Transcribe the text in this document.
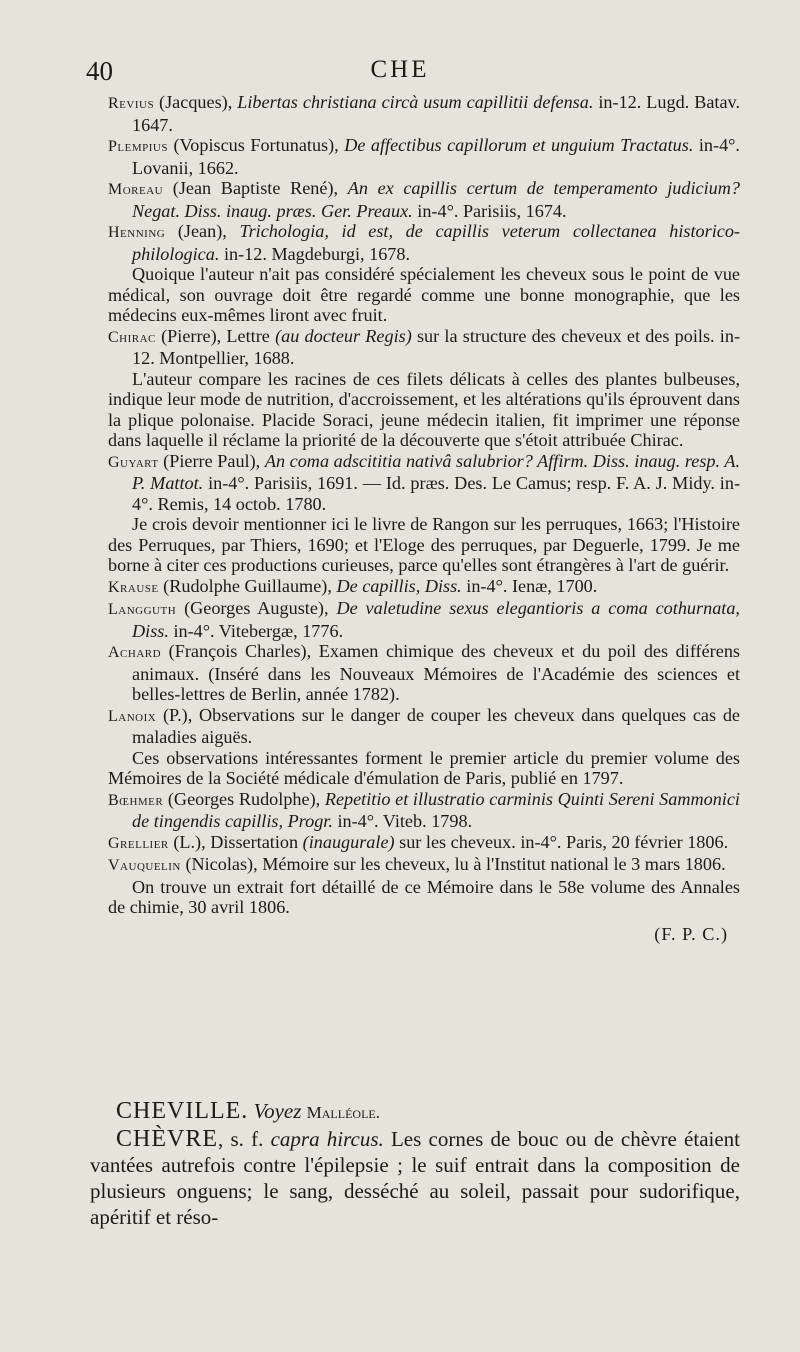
40	CHE

Revius (Jacques), Libertas christiana circà usum capillitii defensa. in-12. Lugd. Batav. 1647.

Plempius (Vopiscus Fortunatus), De affectibus capillorum et unguium Tractatus. in-4°. Lovanii, 1662.

Moreau (Jean Baptiste René), An ex capillis certum de temperamento judicium? Negat. Diss. inaug. præs. Ger. Preaux. in-4°. Parisiis, 1674.

Henning (Jean), Trichologia, id est, de capillis veterum collectanea historico-philologica. in-12. Magdeburgi, 1678.

Quoique l'auteur n'ait pas considéré spécialement les cheveux sous le point de vue médical, son ouvrage doit être regardé comme une bonne monographie, que les médecins eux-mêmes liront avec fruit.

Chirac (Pierre), Lettre (au docteur Regis) sur la structure des cheveux et des poils. in-12. Montpellier, 1688.

L'auteur compare les racines de ces filets délicats à celles des plantes bulbeuses, indique leur mode de nutrition, d'accroissement, et les altérations qu'ils éprouvent dans la plique polonaise. Placide Soraci, jeune médecin italien, fit imprimer une réponse dans laquelle il réclame la priorité de la découverte que s'étoit attribuée Chirac.

Guyart (Pierre Paul), An coma adscititia nativâ salubrior? Affirm. Diss. inaug. resp. A. P. Mattot. in-4°. Parisiis, 1691. — Id. præs. Des. Le Camus; resp. F. A. J. Midy. in-4°. Remis, 14 octob. 1780.

Je crois devoir mentionner ici le livre de Rangon sur les perruques, 1663; l'Histoire des Perruques, par Thiers, 1690; et l'Eloge des perruques, par Deguerle, 1799. Je me borne à citer ces productions curieuses, parce qu'elles sont étrangères à l'art de guérir.

Krause (Rudolphe Guillaume), De capillis, Diss. in-4°. Ienæ, 1700.

Langguth (Georges Auguste), De valetudine sexus elegantioris a coma cothurnata, Diss. in-4°. Vitebergæ, 1776.

Achard (François Charles), Examen chimique des cheveux et du poil des différens animaux. (Inséré dans les Nouveaux Mémoires de l'Académie des sciences et belles-lettres de Berlin, année 1782).

Lanoix (P.), Observations sur le danger de couper les cheveux dans quelques cas de maladies aiguës.

Ces observations intéressantes forment le premier article du premier volume des Mémoires de la Société médicale d'émulation de Paris, publié en 1797.

Bœhmer (Georges Rudolphe), Repetitio et illustratio carminis Quinti Sereni Sammonici de tingendis capillis, Progr. in-4°. Viteb. 1798.

Grellier (L.), Dissertation (inaugurale) sur les cheveux. in-4°. Paris, 20 février 1806.

Vauquelin (Nicolas), Mémoire sur les cheveux, lu à l'Institut national le 3 mars 1806.

On trouve un extrait fort détaillé de ce Mémoire dans le 58e volume des Annales de chimie, 30 avril 1806.

(F. P. C.)

CHEVILLE. Voyez Malléole.

CHÈVRE, s. f. capra hircus. Les cornes de bouc ou de chèvre étaient vantées autrefois contre l'épilepsie ; le suif entrait dans la composition de plusieurs onguens; le sang, desséché au soleil, passait pour sudorifique, apéritif et réso-
